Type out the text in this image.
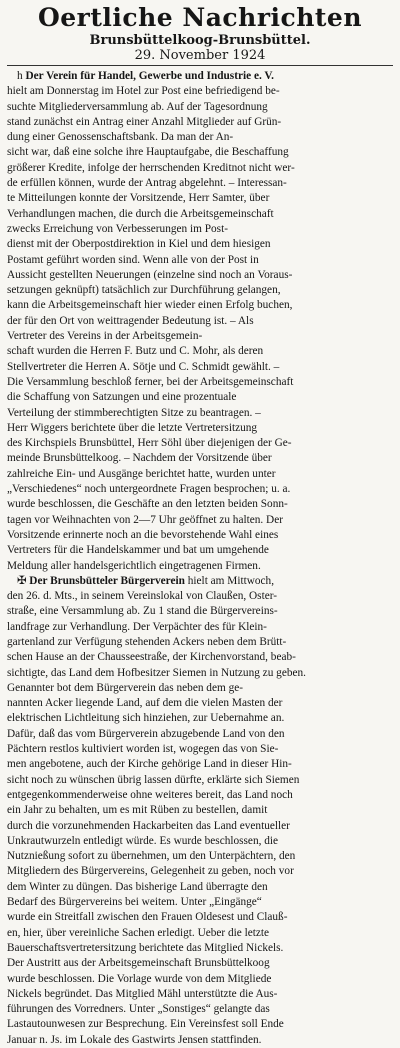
Oertliche Nachrichten

Brunsbüttelkoog-Brunsbüttel.

29. November 1924

h Der Verein für Handel, Gewerbe und Industrie e. V.
hielt am Donnerstag im Hotel zur Post eine befriedigend be-
suchte Mitgliederversammlung ab. Auf der Tagesordnung
stand zunächst ein Antrag einer Anzahl Mitglieder auf Grün-
dung einer Genossenschaftsbank. Da man der An-
sicht war, daß eine solche ihre Hauptaufgabe, die Beschaffung
größerer Kredite, infolge der herrschenden Kreditnot nicht wer-
de erfüllen können, wurde der Antrag abgelehnt. – Interessan-
te Mitteilungen konnte der Vorsitzende, Herr Samter, über
Verhandlungen machen, die durch die Arbeitsgemeinschaft
zwecks Erreichung von Verbesserungen im Post-
dienst mit der Oberpostdirektion in Kiel und dem hiesigen
Postamt geführt worden sind. Wenn alle von der Post in
Aussicht gestellten Neuerungen (einzelne sind noch an Voraus-
setzungen geknüpft) tatsächlich zur Durchführung gelangen,
kann die Arbeitsgemeinschaft hier wieder einen Erfolg buchen,
der für den Ort von weittragender Bedeutung ist. – Als
Vertreter des Vereins in der Arbeitsgemein-
schaft wurden die Herren F. Butz und C. Mohr, als deren
Stellvertreter die Herren A. Sötje und C. Schmidt gewählt. –
Die Versammlung beschloß ferner, bei der Arbeitsgemeinschaft
die Schaffung von Satzungen und eine prozentuale
Verteilung der stimmberechtigten Sitze zu beantragen. –
Herr Wiggers berichtete über die letzte Vertretersitzung
des Kirchspiels Brunsbüttel, Herr Söhl über diejenigen der Ge-
meinde Brunsbüttelkoog. – Nachdem der Vorsitzende über
zahlreiche Ein- und Ausgänge berichtet hatte, wurden unter
„Verschiedenes“ noch untergeordnete Fragen besprochen; u. a.
wurde beschlossen, die Geschäfte an den letzten beiden Sonn-
tagen vor Weihnachten von 2—7 Uhr geöffnet zu halten. Der
Vorsitzende erinnerte noch an die bevorstehende Wahl eines
Vertreters für die Handelskammer und bat um umgehende
Meldung aller handelsgerichtlich eingetragenen Firmen.
✠ Der Brunsbütteler Bürgerverein hielt am Mittwoch,
den 26. d. Mts., in seinem Vereinslokal von Claußen, Oster-
straße, eine Versammlung ab. Zu 1 stand die Bürgervereins-
landfrage zur Verhandlung. Der Verpächter des für Klein-
gartenland zur Verfügung stehenden Ackers neben dem Brütt-
schen Hause an der Chausseestraße, der Kirchenvorstand, beab-
sichtigte, das Land dem Hofbesitzer Siemen in Nutzung zu geben.
Genannter bot dem Bürgerverein das neben dem ge-
nannten Acker liegende Land, auf dem die vielen Masten der
elektrischen Lichtleitung sich hinziehen, zur Uebernahme an.
Dafür, daß das vom Bürgerverein abzugebende Land von den
Pächtern restlos kultiviert worden ist, wogegen das von Sie-
men angebotene, auch der Kirche gehörige Land in dieser Hin-
sicht noch zu wünschen übrig lassen dürfte, erklärte sich Siemen
entgegenkommenderweise ohne weiteres bereit, das Land noch
ein Jahr zu behalten, um es mit Rüben zu bestellen, damit
durch die vorzunehmenden Hackarbeiten das Land eventueller
Unkrautwurzeln entledigt würde. Es wurde beschlossen, die
Nutznießung sofort zu übernehmen, um den Unterpächtern, den
Mitgliedern des Bürgervereins, Gelegenheit zu geben, noch vor
dem Winter zu düngen. Das bisherige Land überragte den
Bedarf des Bürgervereins bei weitem. Unter „Eingänge“
wurde ein Streitfall zwischen den Frauen Oldesest und Clauß-
en, hier, über vereinliche Sachen erledigt. Ueber die letzte
Bauerschaftsvertretersitzung berichtete das Mitglied Nickels.
Der Austritt aus der Arbeitsgemeinschaft Brunsbüttelkoog
wurde beschlossen. Die Vorlage wurde von dem Mitgliede
Nickels begründet. Das Mitglied Mähl unterstützte die Aus-
führungen des Vorredners. Unter „Sonstiges“ gelangte das
Lastautounwesen zur Besprechung. Ein Vereinsfest soll Ende
Januar n. Js. im Lokale des Gastwirts Jensen stattfinden.
